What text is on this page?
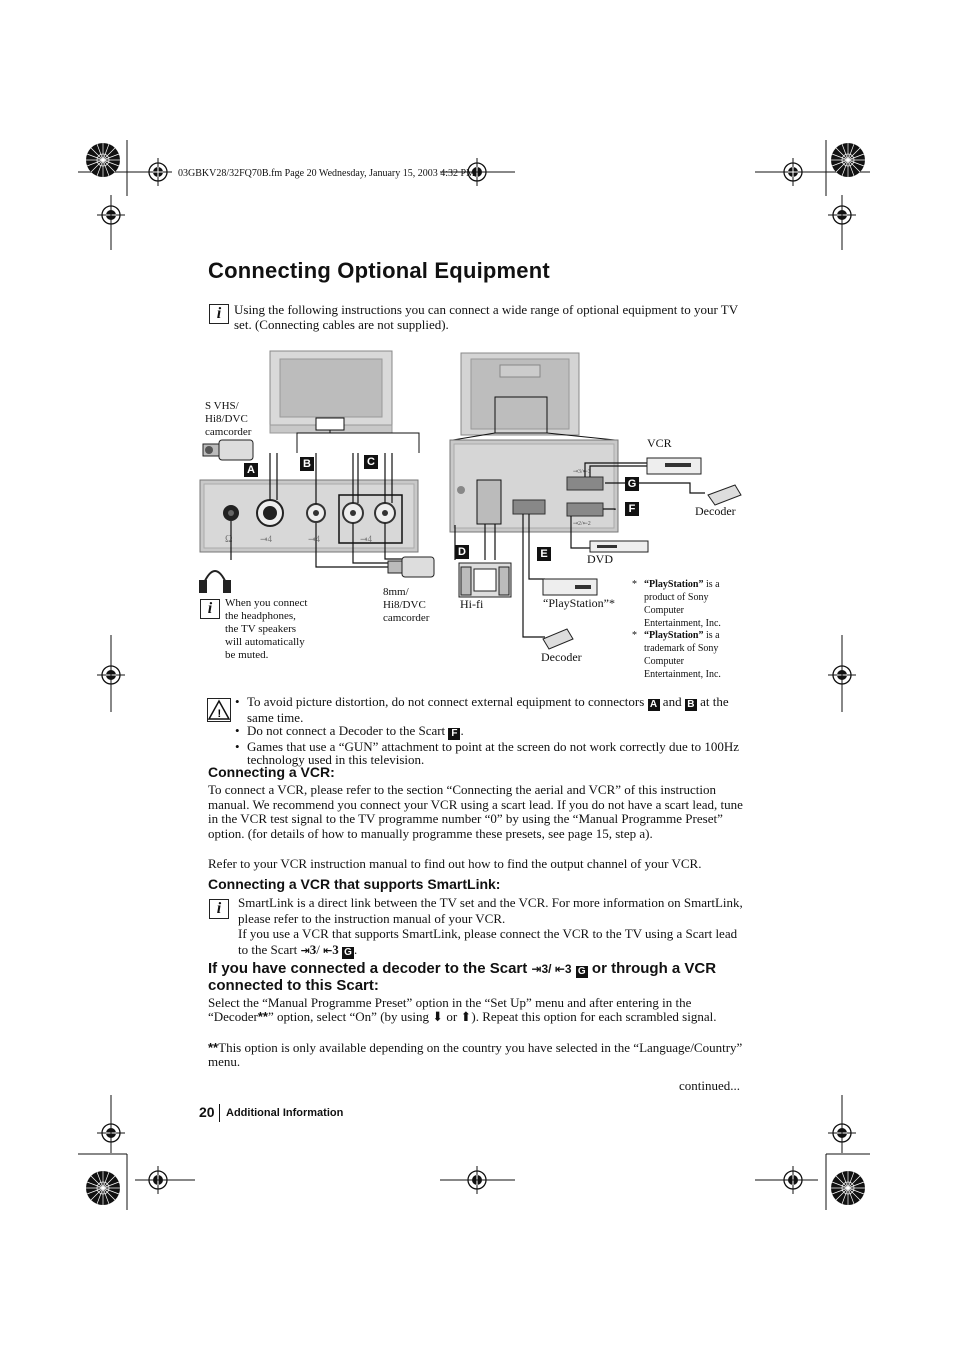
03GBKV28/32FQ70B.fm Page 20 Wednesday, January 15, 2003 4:32 PM
Connecting Optional Equipment
i Using the following instructions you can connect a wide range of optional equipment to your TV set. (Connecting cables are not supplied).
Ω	⇥4	⇥4	⇥4
⇥3/⇤3
⇥2/⇤2
A	B	C
D	E
F
G
S VHS/
Hi8/DVC
camcorder
8mm/
Hi8/DVC
camcorder
i	When you connect
the headphones,
the TV speakers
will automatically
be muted.
VCR
Decoder
DVD
Hi-fi	“PlayStation”*
Decoder
* “PlayStation” is a product of Sony Computer Entertainment, Inc.
* “PlayStation” is a trademark of Sony Computer Entertainment, Inc.
!
• To avoid picture distortion, do not connect external equipment to connectors A and B at the same time.
• Do not connect a Decoder to the Scart F .
• Games that use a “GUN” attachment to point at the screen do not work correctly due to 100Hz technology used in this television.
Connecting a VCR:
To connect a VCR, please refer to the section “Connecting the aerial and VCR” of this instruction manual. We recommend you connect your VCR using a scart lead. If you do not have a scart lead, tune in the VCR test signal to the TV programme number “0” by using the “Manual Programme Preset” option. (for details of how to manually programme these presets, see page 15, step a).
Refer to your VCR instruction manual to find out how to find the output channel of your VCR.
Connecting a VCR that supports SmartLink:
i	SmartLink is a direct link between the TV set and the VCR. For more information on SmartLink, please refer to the instruction manual of your VCR.
If you use a VCR that supports SmartLink, please connect the VCR to the TV using a Scart lead to the Scart ⇥3/ ⇤3 G .
If you have connected a decoder to the Scart ⇥3/ ⇤3 G or through a VCR connected to this Scart:
Select the “Manual Programme Preset” option in the “Set Up” menu and after entering in the “Decoder**” option, select “On” (by using ⬇ or ⬆). Repeat this option for each scrambled signal.
**This option is only available depending on the country you have selected in the “Language/Country” menu.
continued...
20 Additional Information
